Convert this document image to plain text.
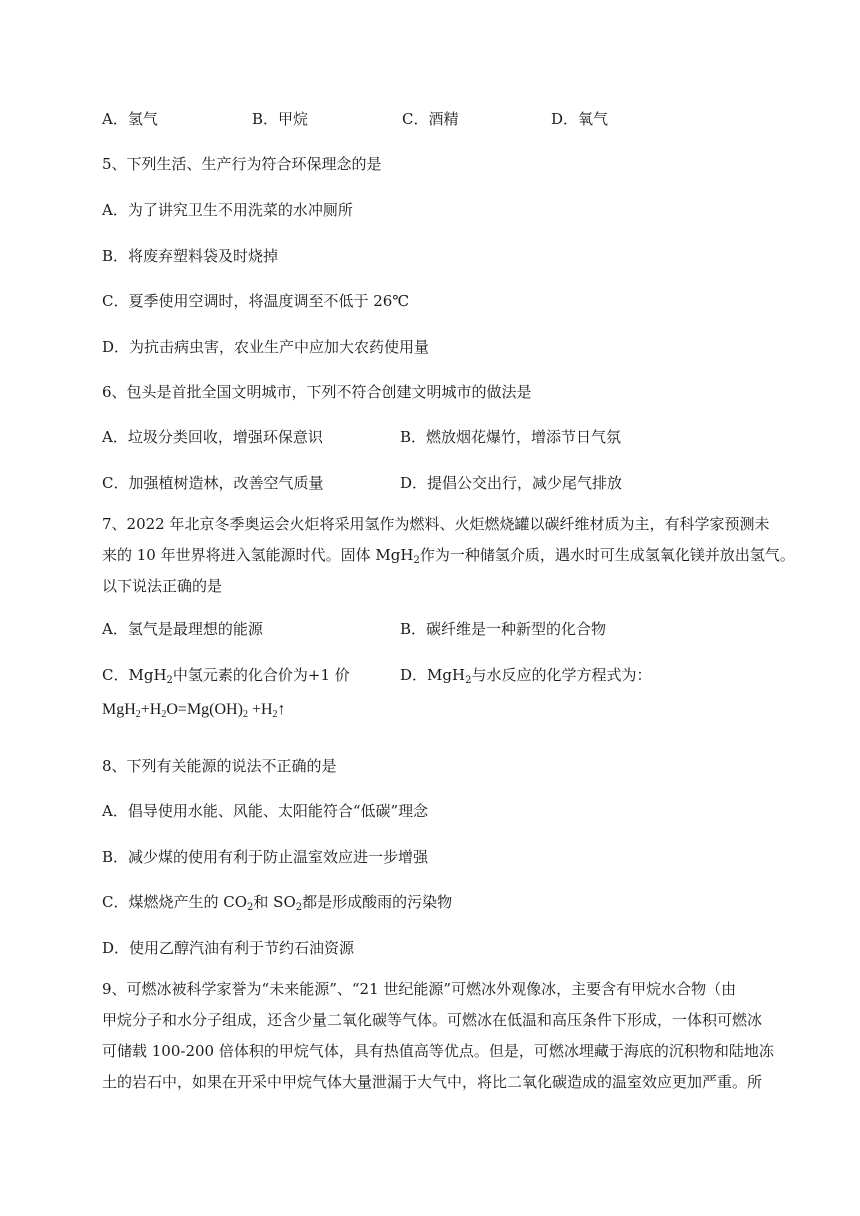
A．氢气	B．甲烷	C．酒精	D．氧气
5、下列生活、生产行为符合环保理念的是
A．为了讲究卫生不用洗菜的水冲厕所
B．将废弃塑料袋及时烧掉
C．夏季使用空调时，将温度调至不低于 26℃
D．为抗击病虫害，农业生产中应加大农药使用量
6、包头是首批全国文明城市，下列不符合创建文明城市的做法是
A．垃圾分类回收，增强环保意识	B．燃放烟花爆竹，增添节日气氛
C．加强植树造林，改善空气质量	D．提倡公交出行，减少尾气排放
7、2022 年北京冬季奥运会火炬将采用氢作为燃料、火炬燃烧罐以碳纤维材质为主，有科学家预测未
来的 10 年世界将进入氢能源时代。固体 MgH$_2$作为一种储氢介质，遇水时可生成氢氧化镁并放出氢气。
以下说法正确的是
A．氢气是最理想的能源	B．碳纤维是一种新型的化合物
C．MgH$_2$中氢元素的化合价为+1 价	D．MgH$_2$与水反应的化学方程式为：
$MgH_2+H_2O=Mg(OH)_2$ $+H_2↑$
8、下列有关能源的说法不正确的是
A．倡导使用水能、风能、太阳能符合“低碳”理念
B．减少煤的使用有利于防止温室效应进一步增强
C．煤燃烧产生的 $CO_2$和 $SO_2$都是形成酸雨的污染物
D．使用乙醇汽油有利于节约石油资源
9、可燃冰被科学家誉为“未来能源”、“21 世纪能源”可燃冰外观像冰，主要含有甲烷水合物（由
甲烷分子和水分子组成，还含少量二氧化碳等气体。可燃冰在低温和高压条件下形成，一体积可燃冰
可储载 100-200 倍体积的甲烷气体，具有热值高等优点。但是，可燃冰埋藏于海底的沉积物和陆地冻
土的岩石中，如果在开采中甲烷气体大量泄漏于大气中，将比二氧化碳造成的温室效应更加严重。所
